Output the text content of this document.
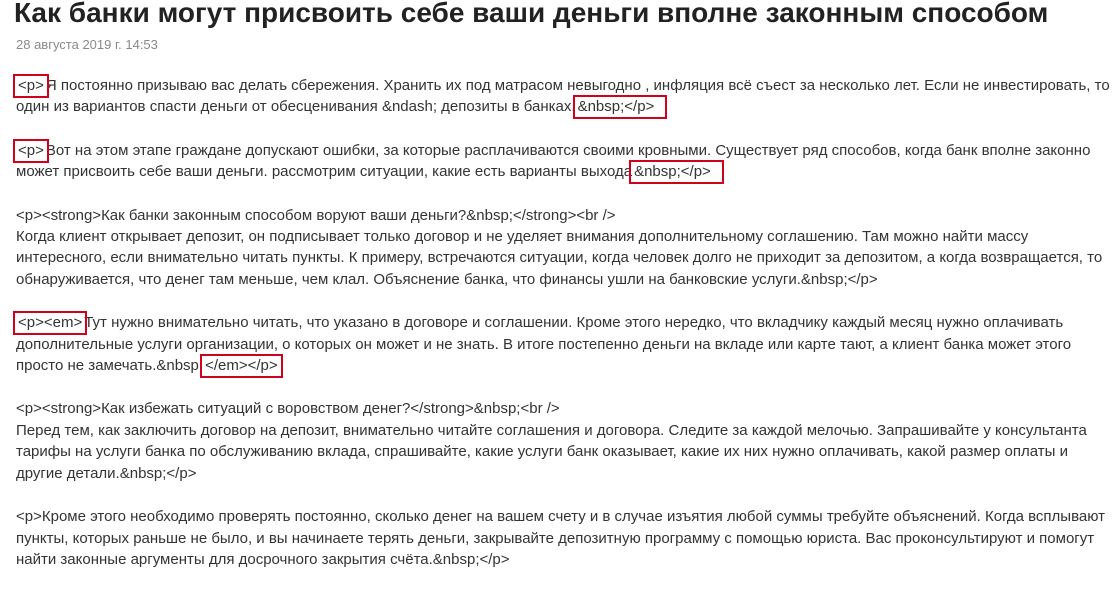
Как банки могут присвоить себе ваши деньги вполне законным способом
28 августа 2019 г. 14:53

<p> Я постоянно призываю вас делать сбережения. Хранить их под матрасом невыгодно , инфляция всё съест за несколько лет. Если не инвестировать, то один из вариантов спасти деньги от обесценивания &ndash; депозиты в банках. &nbsp;</p>

<p> Вот на этом этапе граждане допускают ошибки, за которые расплачиваются своими кровными. Существует ряд способов, когда банк вполне законно может присвоить себе ваши деньги. рассмотрим ситуации, какие есть варианты выхода &nbsp;</p>

<p><strong>Как банки законным способом воруют ваши деньги?&nbsp;</strong><br />
Когда клиент открывает депозит, он подписывает только договор и не уделяет внимания дополнительному соглашению. Там можно найти массу интересного, если внимательно читать пункты. К примеру, встречаются ситуации, когда человек долго не приходит за депозитом, а когда возвращается, то обнаруживается, что денег там меньше, чем клал. Объяснение банка, что финансы ушли на банковские услуги.&nbsp;</p>

<p><em> Тут нужно внимательно читать, что указано в договоре и соглашении. Кроме этого нередко, что вкладчику каждый месяц нужно оплачивать дополнительные услуги организации, о которых он может и не знать. В итоге постепенно деньги на вкладе или карте тают, а клиент банка может этого просто не замечать.&nbsp; </em></p>

<p><strong>Как избежать ситуаций с воровством денег?</strong>&nbsp;<br />
Перед тем, как заключить договор на депозит, внимательно читайте соглашения и договора. Следите за каждой мелочью. Запрашивайте у консультанта тарифы на услуги банка по обслуживанию вклада, спрашивайте, какие услуги банк оказывает, какие их них нужно оплачивать, какой размер оплаты и другие детали.&nbsp;</p>

<p>Кроме этого необходимо проверять постоянно, сколько денег на вашем счету и в случае изъятия любой суммы требуйте объяснений. Когда всплывают пункты, которых раньше не было, и вы начинаете терять деньги, закрывайте депозитную программу с помощью юриста. Вас проконсультируют и помогут найти законные аргументы для досрочного закрытия счёта.&nbsp;</p>
